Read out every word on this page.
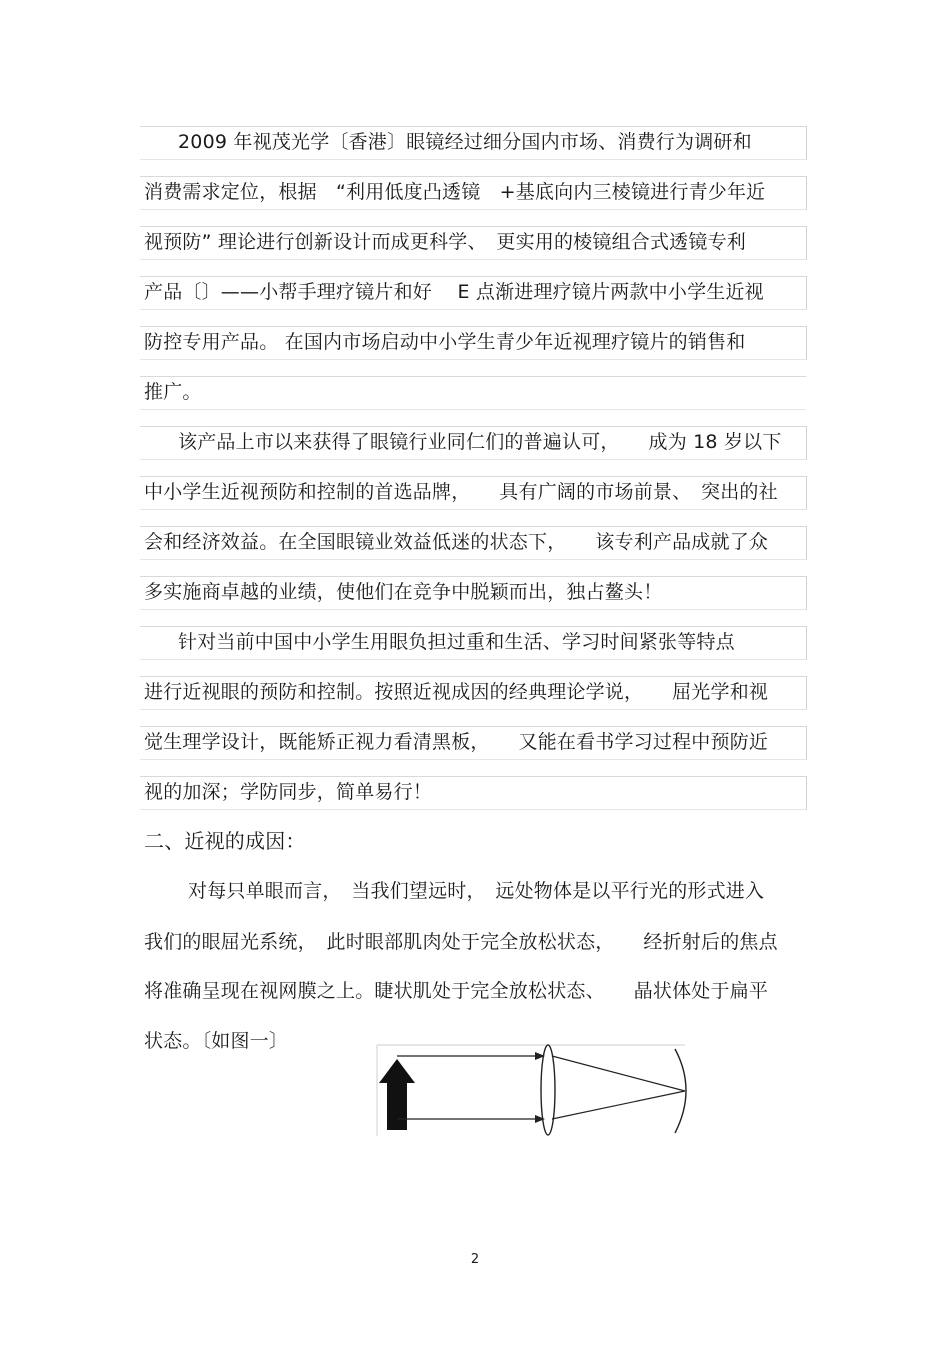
2009 年视茂光学〔香港〕眼镜经过细分国内市场、消费行为调研和
消费需求定位，根据　“利用低度凸透镜　+基底向内三棱镜进行青少年近
视预防” 理论进行创新设计而成更科学、　更实用的棱镜组合式透镜专利
产品〔〕——小帮手理疗镜片和好　 E 点渐进理疗镜片两款中小学生近视
防控专用产品。 在国内市场启动中小学生青少年近视理疗镜片的销售和
推广。
该产品上市以来获得了眼镜行业同仁们的普遍认可，　　成为 18 岁以下
中小学生近视预防和控制的首选品牌，　　具有广阔的市场前景、　突出的社
会和经济效益。在全国眼镜业效益低迷的状态下，　　该专利产品成就了众
多实施商卓越的业绩，使他们在竞争中脱颖而出，独占鳌头！
针对当前中国中小学生用眼负担过重和生活、学习时间紧张等特点
进行近视眼的预防和控制。按照近视成因的经典理论学说，　　屈光学和视
觉生理学设计，既能矫正视力看清黑板，　　又能在看书学习过程中预防近
视的加深；学防同步，简单易行！
二、近视的成因：
对每只单眼而言，　当我们望远时，　远处物体是以平行光的形式进入
我们的眼屈光系统，　此时眼部肌肉处于完全放松状态，　　经折射后的焦点
将准确呈现在视网膜之上。睫状肌处于完全放松状态、　　晶状体处于扁平
状态。〔如图一〕
2
